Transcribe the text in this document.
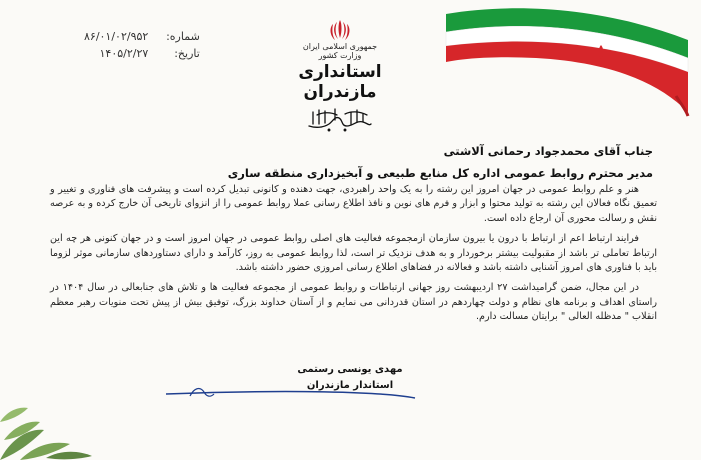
شماره: ۸۶/۰۱/۰۲/۹۵۲
تاریخ: ۱۴۰۵/۲/۲۷
جمهوری اسلامی ایران
وزارت کشور
استانداری مازندران
جناب آقای محمدجواد رحمانی آلاشتی
مدیر محترم روابط عمومی اداره کل منابع طبیعی و آبخیزداری منطقه ساری

هنر و علم روابط عمومی در جهان امروز این رشته را به یک واحد راهبردی، جهت دهنده و کانونی تبدیل کرده است و پیشرفت های فناوری و تغییر و تعمیق نگاه فعالان این رشته به تولید محتوا و ابزار و فرم های نوین و نافذ اطلاع رسانی عملا روابط عمومی را از انزوای تاریخی آن خارج کرده و به عرصه نقش و رسالت محوری آن ارجاع داده است.

فرایند ارتباط اعم از ارتباط با درون یا بیرون سازمان ازمجموعه فعالیت های اصلی روابط عمومی در جهان امروز است و در جهان کنونی هر چه این ارتباط تعاملی تر باشد از مقبولیت بیشتر برخوردار و به هدف نزدیک تر است، لذا روابط عمومی به روز، کارآمد و دارای دستاوردهای سازمانی موثر لزوما باید با فناوری های امروز آشنایی داشته باشد و فعالانه در فضاهای اطلاع رسانی امروزی حضور داشته باشد.

در این مجال، ضمن گرامیداشت ۲۷ اردیبهشت روز جهانی ارتباطات و روابط عمومی از مجموعه فعالیت ها و تلاش های جنابعالی در سال ۱۴۰۴ در راستای اهداف و برنامه های نظام و دولت چهاردهم در استان قدردانی می نمایم و از آستان خداوند بزرگ، توفیق بیش از پیش تحت منویات رهبر معظم انقلاب " مدظله العالی " برایتان مسالت دارم.

مهدی یونسی رستمی
استاندار مازندران
